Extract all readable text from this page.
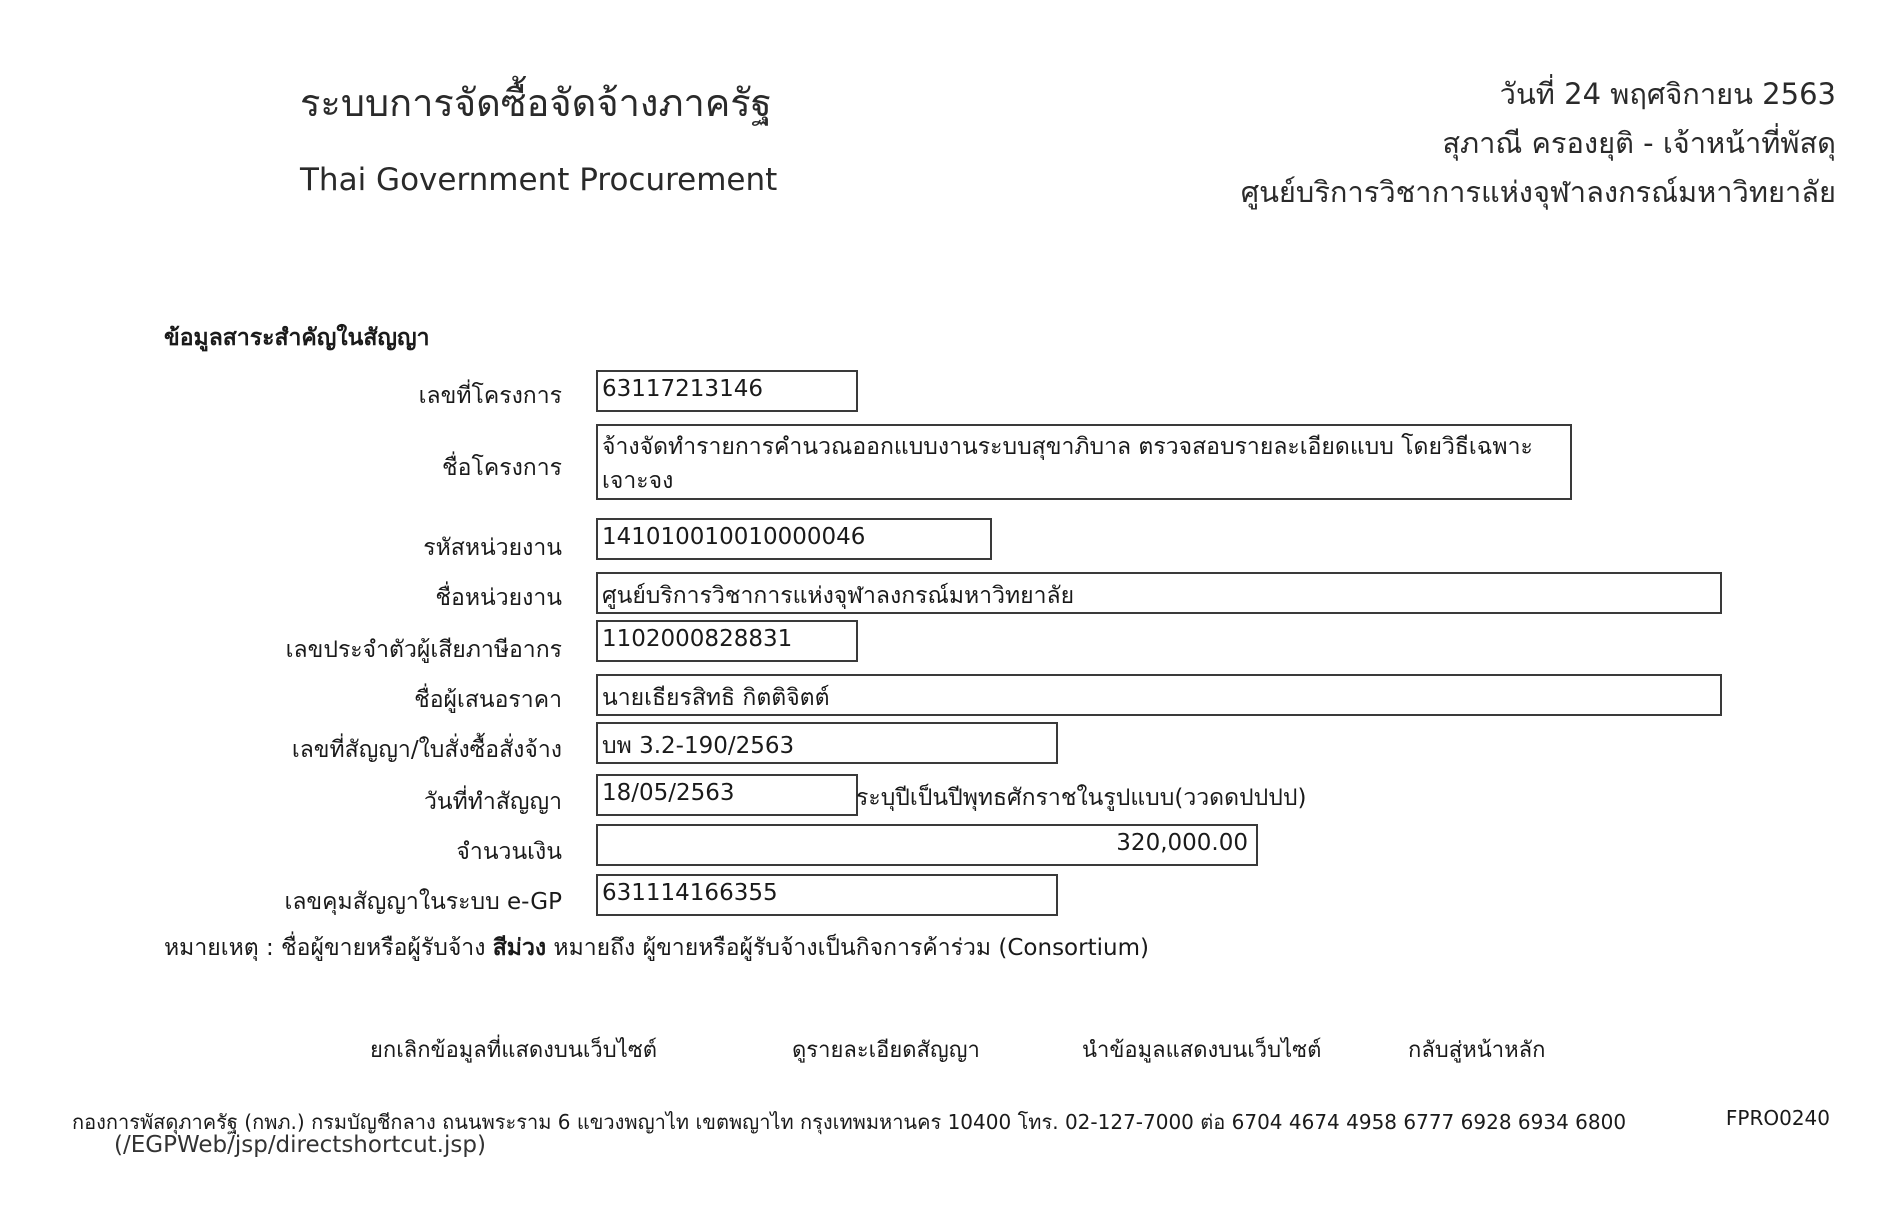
ระบบการจัดซื้อจัดจ้างภาครัฐ
Thai Government Procurement
วันที่ 24 พฤศจิกายน 2563
สุภาณี ครองยุติ - เจ้าหน้าที่พัสดุ
ศูนย์บริการวิชาการแห่งจุฬาลงกรณ์มหาวิทยาลัย
ข้อมูลสาระสำคัญในสัญญา
เลขที่โครงการ 63117213146
ชื่อโครงการ
จ้างจัดทำรายการคำนวณออกแบบงานระบบสุขาภิบาล ตรวจสอบรายละเอียดแบบ โดยวิธีเฉพาะเจาะจง
รหัสหน่วยงาน 141010010010000046
ชื่อหน่วยงาน ศูนย์บริการวิชาการแห่งจุฬาลงกรณ์มหาวิทยาลัย
เลขประจำตัวผู้เสียภาษีอากร 1102000828831
ชื่อผู้เสนอราคา นายเธียรสิทธิ กิตติจิตต์
เลขที่สัญญา/ใบสั่งซื้อสั่งจ้าง บพ 3.2-190/2563
วันที่ทำสัญญา 18/05/2563	ระบุปีเป็นปีพุทธศักราชในรูปแบบ(ววดดปปปป)
จำนวนเงิน	320,000.00
เลขคุมสัญญาในระบบ e-GP 631114166355
หมายเหตุ : ชื่อผู้ขายหรือผู้รับจ้าง สีม่วง หมายถึง ผู้ขายหรือผู้รับจ้างเป็นกิจการค้าร่วม (Consortium)
ยกเลิกข้อมูลที่แสดงบนเว็บไซต์	ดูรายละเอียดสัญญา	นำข้อมูลแสดงบนเว็บไซต์	กลับสู่หน้าหลัก
กองการพัสดุภาครัฐ (กพภ.) กรมบัญชีกลาง ถนนพระราม 6 แขวงพญาไท เขตพญาไท กรุงเทพมหานคร 10400 โทร. 02-127-7000 ต่อ 6704 4674 4958 6777 6928 6934 6800	FPRO0240
(/EGPWeb/jsp/directshortcut.jsp)
